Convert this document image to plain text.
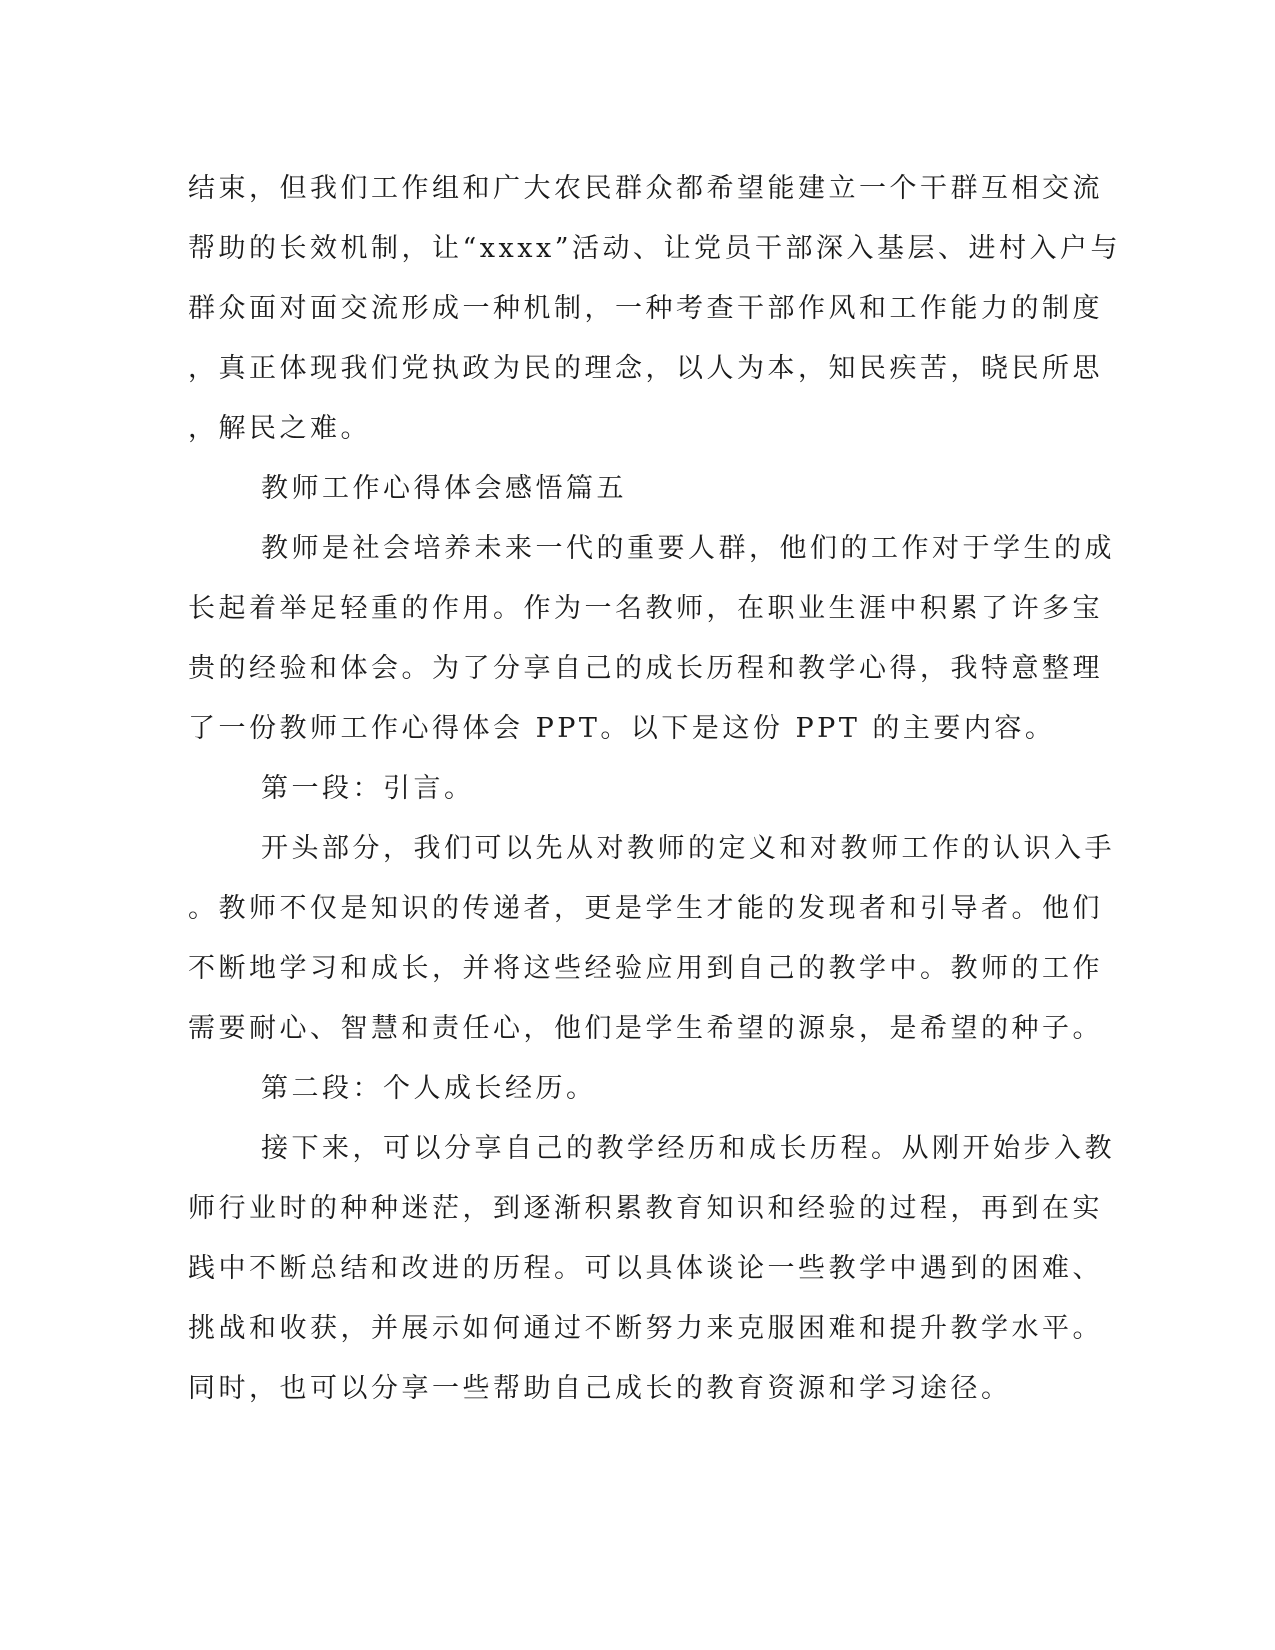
结束，但我们工作组和广大农民群众都希望能建立一个干群互相交流
帮助的长效机制，让“xxxx”活动、让党员干部深入基层、进村入户与
群众面对面交流形成一种机制，一种考查干部作风和工作能力的制度
，真正体现我们党执政为民的理念，以人为本，知民疾苦，晓民所思
，解民之难。
教师工作心得体会感悟篇五
教师是社会培养未来一代的重要人群，他们的工作对于学生的成
长起着举足轻重的作用。作为一名教师，在职业生涯中积累了许多宝
贵的经验和体会。为了分享自己的成长历程和教学心得，我特意整理
了一份教师工作心得体会 PPT。以下是这份 PPT 的主要内容。
第一段：引言。
开头部分，我们可以先从对教师的定义和对教师工作的认识入手
。教师不仅是知识的传递者，更是学生才能的发现者和引导者。他们
不断地学习和成长，并将这些经验应用到自己的教学中。教师的工作
需要耐心、智慧和责任心，他们是学生希望的源泉，是希望的种子。
第二段：个人成长经历。
接下来，可以分享自己的教学经历和成长历程。从刚开始步入教
师行业时的种种迷茫，到逐渐积累教育知识和经验的过程，再到在实
践中不断总结和改进的历程。可以具体谈论一些教学中遇到的困难、
挑战和收获，并展示如何通过不断努力来克服困难和提升教学水平。
同时，也可以分享一些帮助自己成长的教育资源和学习途径。
